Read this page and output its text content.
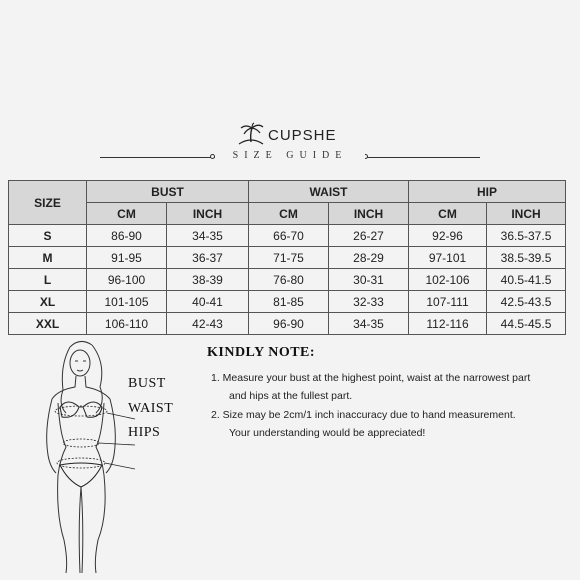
CUPSHE
SIZE GUIDE
SIZE	BUST		WAIST		HIP	
	CM	INCH	CM	INCH	CM	INCH
S	86-90	34-35	66-70	26-27	92-96	36.5-37.5
M	91-95	36-37	71-75	28-29	97-101	38.5-39.5
L	96-100	38-39	76-80	30-31	102-106	40.5-41.5
XL	101-105	40-41	81-85	32-33	107-111	42.5-43.5
XXL	106-110	42-43	96-90	34-35	112-116	44.5-45.5
BUST
WAIST
HIPS
KINDLY NOTE:
1. Measure your bust at the highest point, waist at the narrowest part
and hips at the fullest part.
2. Size may be 2cm/1 inch inaccuracy due to hand measurement.
Your understanding would be appreciated!
